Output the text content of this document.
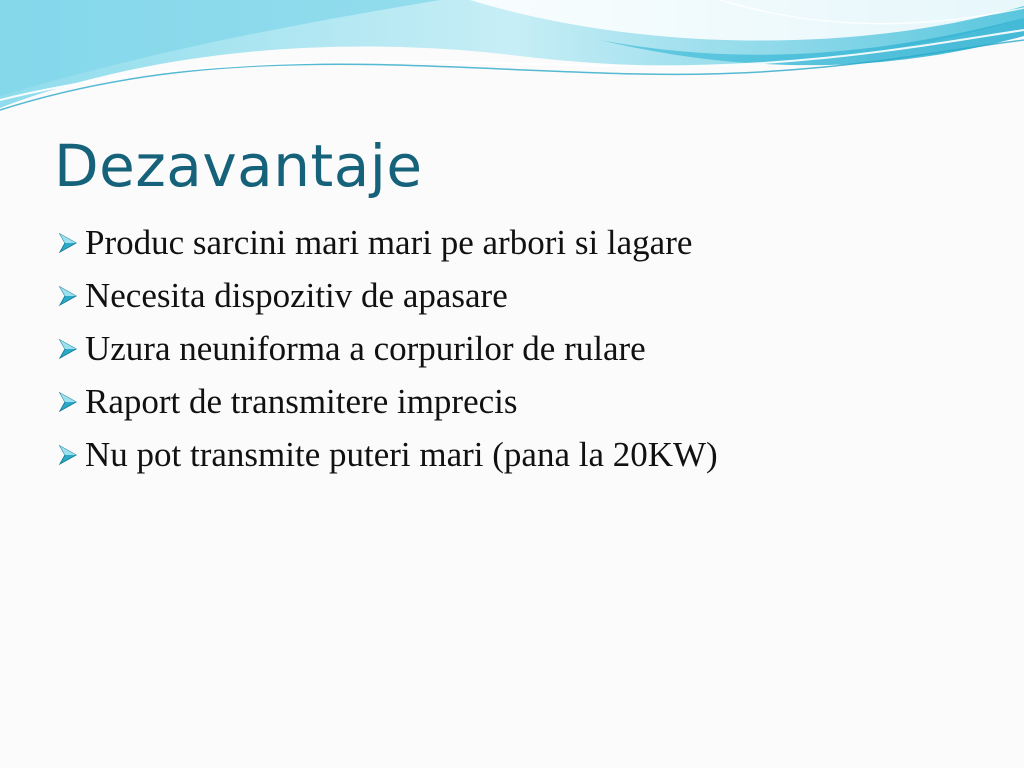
Dezavantaje
Produc sarcini mari mari pe arbori si lagare
Necesita dispozitiv de apasare
Uzura neuniforma a corpurilor de rulare
Raport de transmitere imprecis
Nu pot transmite puteri mari (pana la 20KW)
